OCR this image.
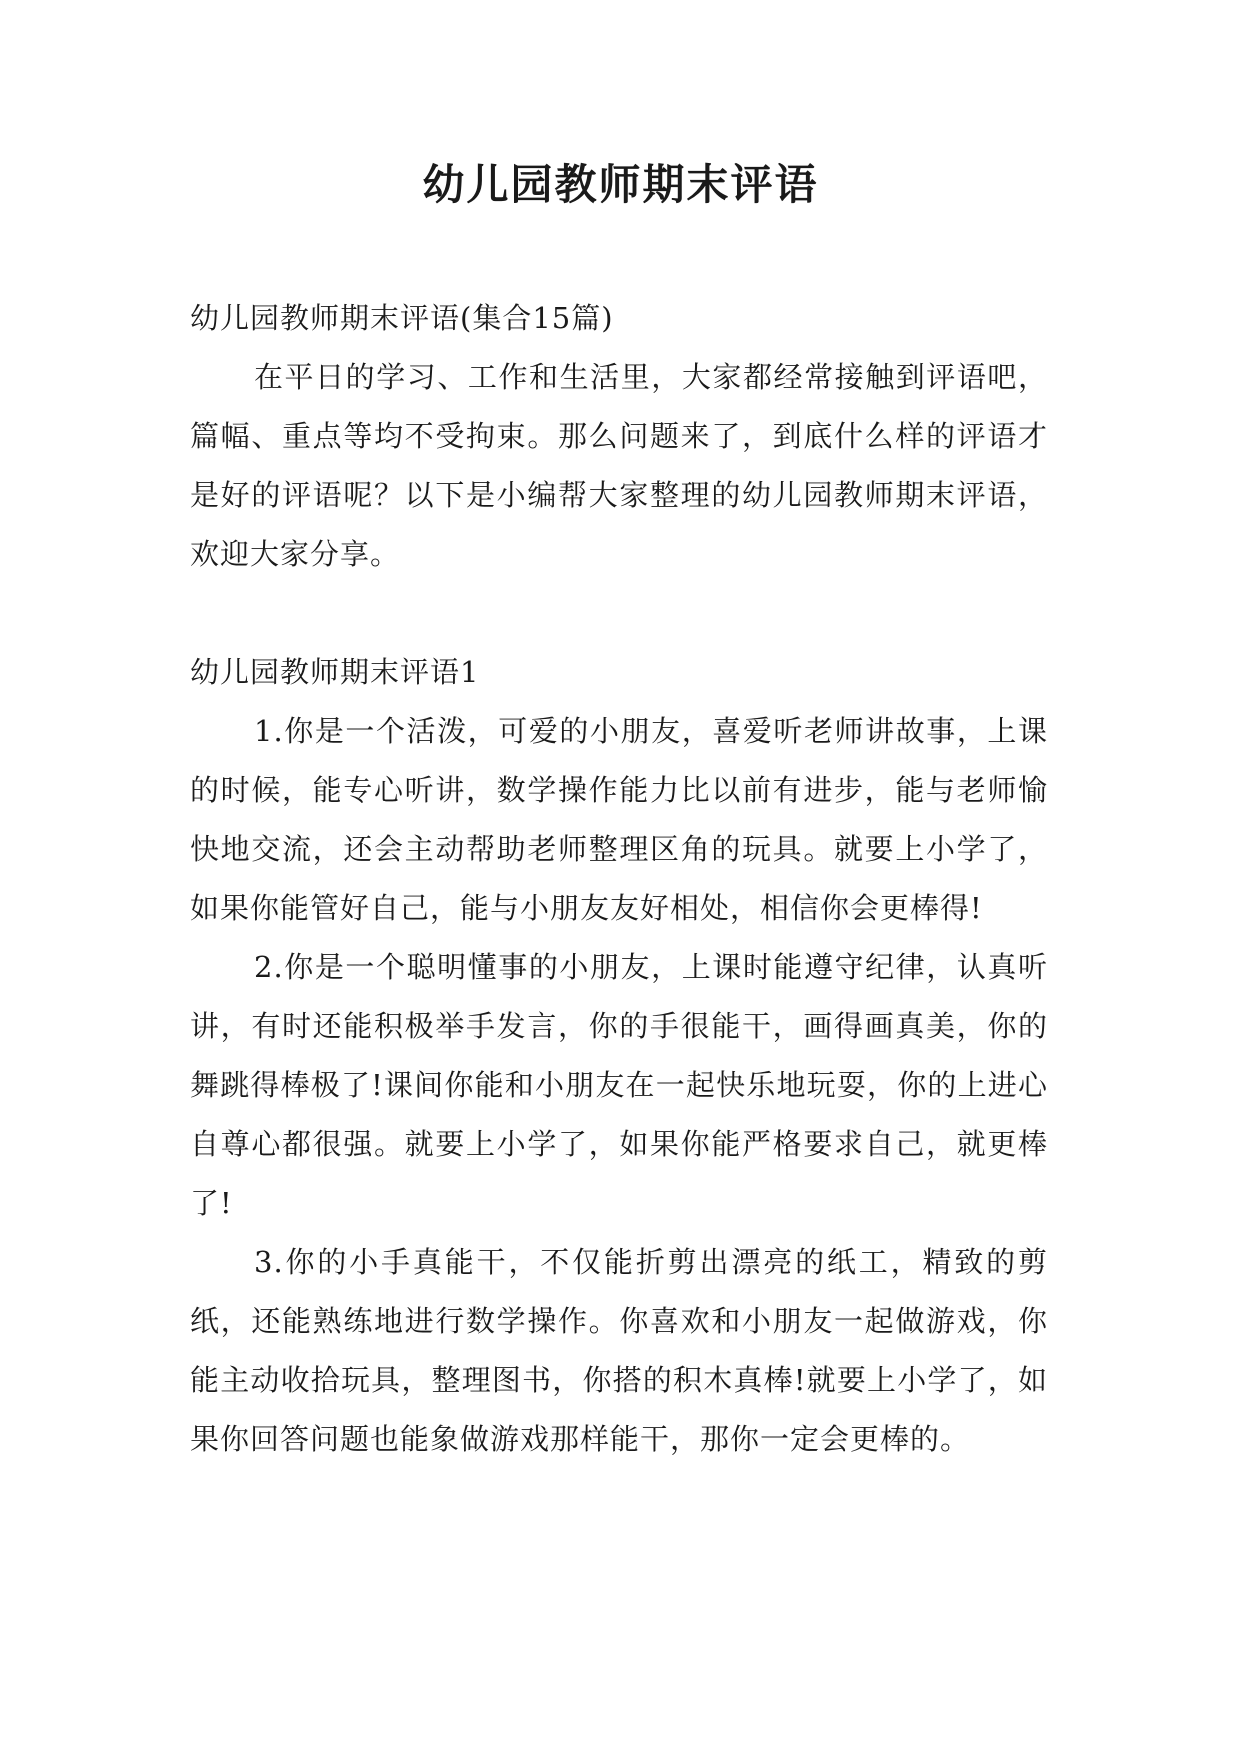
幼儿园教师期末评语

幼儿园教师期末评语(集合15篇)

在平日的学习、工作和生活里，大家都经常接触到评语吧，篇幅、重点等均不受拘束。那么问题来了，到底什么样的评语才是好的评语呢？以下是小编帮大家整理的幼儿园教师期末评语，欢迎大家分享。

幼儿园教师期末评语1

1.你是一个活泼，可爱的小朋友，喜爱听老师讲故事，上课的时候，能专心听讲，数学操作能力比以前有进步，能与老师愉快地交流，还会主动帮助老师整理区角的玩具。就要上小学了，如果你能管好自己，能与小朋友友好相处，相信你会更棒得!

2.你是一个聪明懂事的小朋友，上课时能遵守纪律，认真听讲，有时还能积极举手发言，你的手很能干，画得画真美，你的舞跳得棒极了!课间你能和小朋友在一起快乐地玩耍，你的上进心自尊心都很强。就要上小学了，如果你能严格要求自己，就更棒了!

3.你的小手真能干，不仅能折剪出漂亮的纸工，精致的剪纸，还能熟练地进行数学操作。你喜欢和小朋友一起做游戏，你能主动收拾玩具，整理图书，你搭的积木真棒!就要上小学了，如果你回答问题也能象做游戏那样能干，那你一定会更棒的。
